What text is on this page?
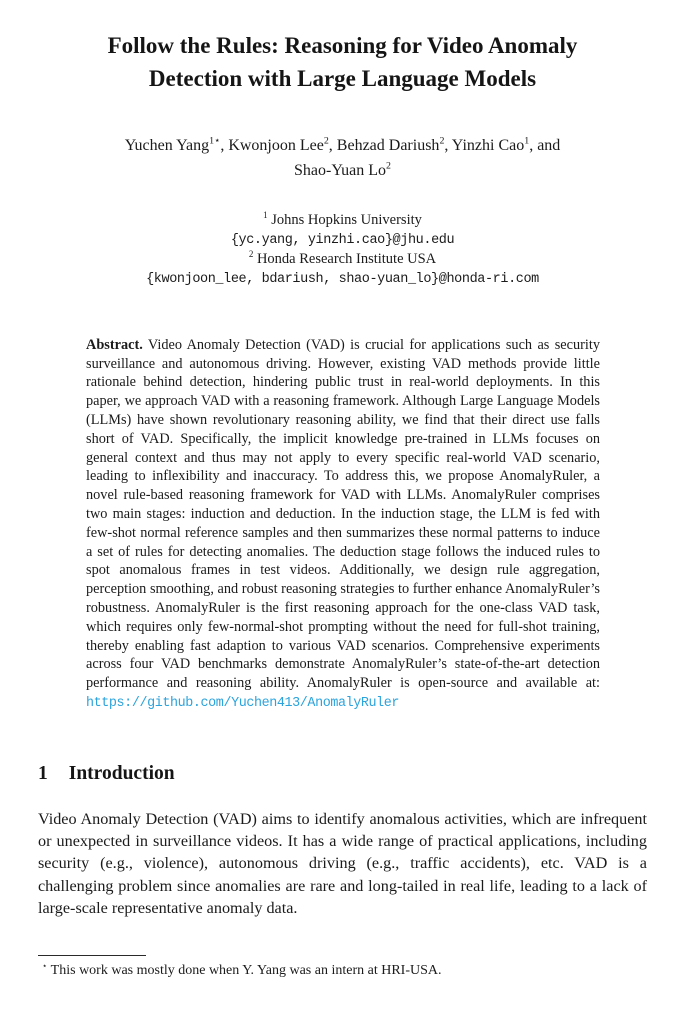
Follow the Rules: Reasoning for Video Anomaly
Detection with Large Language Models
Yuchen Yang$^{1⋆}$, Kwonjoon Lee$^2$, Behzad Dariush$^2$, Yinzhi Cao$^1$, and
Shao-Yuan Lo$^2$
$^1$ Johns Hopkins University
{yc.yang, yinzhi.cao}@jhu.edu
$^2$ Honda Research Institute USA
{kwonjoon_lee, bdariush, shao-yuan_lo}@honda-ri.com
Abstract. Video Anomaly Detection (VAD) is crucial for applications such as security surveillance and autonomous driving. However, existing VAD methods provide little rationale behind detection, hindering public trust in real-world deployments. In this paper, we approach VAD with a reasoning framework. Although Large Language Models (LLMs) have shown revolutionary reasoning ability, we find that their direct use falls short of VAD. Specifically, the implicit knowledge pre-trained in LLMs focuses on general context and thus may not apply to every specific real-world VAD scenario, leading to inflexibility and inaccuracy. To address this, we propose AnomalyRuler, a novel rule-based reasoning framework for VAD with LLMs. AnomalyRuler comprises two main stages: induction and deduction. In the induction stage, the LLM is fed with few-shot normal reference samples and then summarizes these normal patterns to induce a set of rules for detecting anomalies. The deduction stage follows the induced rules to spot anomalous frames in test videos. Additionally, we design rule aggregation, perception smoothing, and robust reasoning strategies to further enhance AnomalyRuler’s robustness. AnomalyRuler is the first reasoning approach for the one-class VAD task, which requires only few-normal-shot prompting without the need for full-shot training, thereby enabling fast adaption to various VAD scenarios. Comprehensive experiments across four VAD benchmarks demonstrate AnomalyRuler’s state-of-the-art detection performance and reasoning ability. AnomalyRuler is open-source and available at: https://github.com/Yuchen413/AnomalyRuler
1 Introduction

Video Anomaly Detection (VAD) aims to identify anomalous activities, which are infrequent or unexpected in surveillance videos. It has a wide range of practical applications, including security (e.g., violence), autonomous driving (e.g., traffic accidents), etc. VAD is a challenging problem since anomalies are rare and long-tailed in real life, leading to a lack of large-scale representative anomaly data.

⋆ This work was mostly done when Y. Yang was an intern at HRI-USA.
